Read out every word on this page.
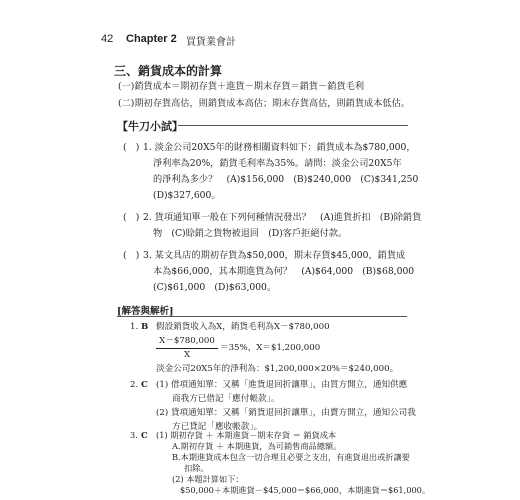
42 Chapter 2 買貨業會計
三、銷貨成本的計算
(一)銷貨成本＝期初存貨＋進貨－期末存貨＝銷貨－銷貨毛利
(二)期初存貨高估，則銷貨成本高估；期末存貨高估，則銷貨成本低估。
【牛刀小試】
(　) 1. 淡金公司20X5年的財務相關資料如下：銷貨成本為$780,000，
淨利率為20%，銷貨毛利率為35%。請問：淡金公司20X5年
的淨利為多少？　(A)$156,000　(B)$240,000　(C)$341,250
(D)$327,600。
(　) 2. 貨項通知單一般在下列何種情況發出？　(A)進貨折扣　(B)除銷貨
物　(C)賒銷之貨物被退回　(D)客戶拒絕付款。
(　) 3. 某文具店的期初存貨為$50,000，期末存貨$45,000，銷貨成
本為$66,000，其本期進貨為何？　(A)$64,000　(B)$68,000
(C)$61,000　(D)$63,000。
[解答與解析]
1. B 假設銷貨收入為X，銷貨毛利為X－$780,000
X－$780,000
X
＝35%，X＝$1,200,000
淡金公司20X5年的淨利為：$1,200,000×20%＝$240,000。
2. C (1) 借項通知單：又稱「進貨退回折讓單」，由買方開立，通知供應
商我方已借記「應付帳款」。
(2) 貸項通知單：又稱「銷貨退回折讓單」，由賣方開立，通知公司我
方已貸記「應收帳款」。
3. C (1) 期初存貨 ＋ 本期進貨－期末存貨 ＝ 銷貨成本
A.期初存貨 ＋ 本期進貨，為可銷售商品總額。
B.本期進貨成本包含一切合理且必要之支出，有進貨退出或折讓要
扣除。
(2) 本題計算如下：
$50,000＋本期進貨－$45,000＝$66,000，本期進貨＝$61,000。
